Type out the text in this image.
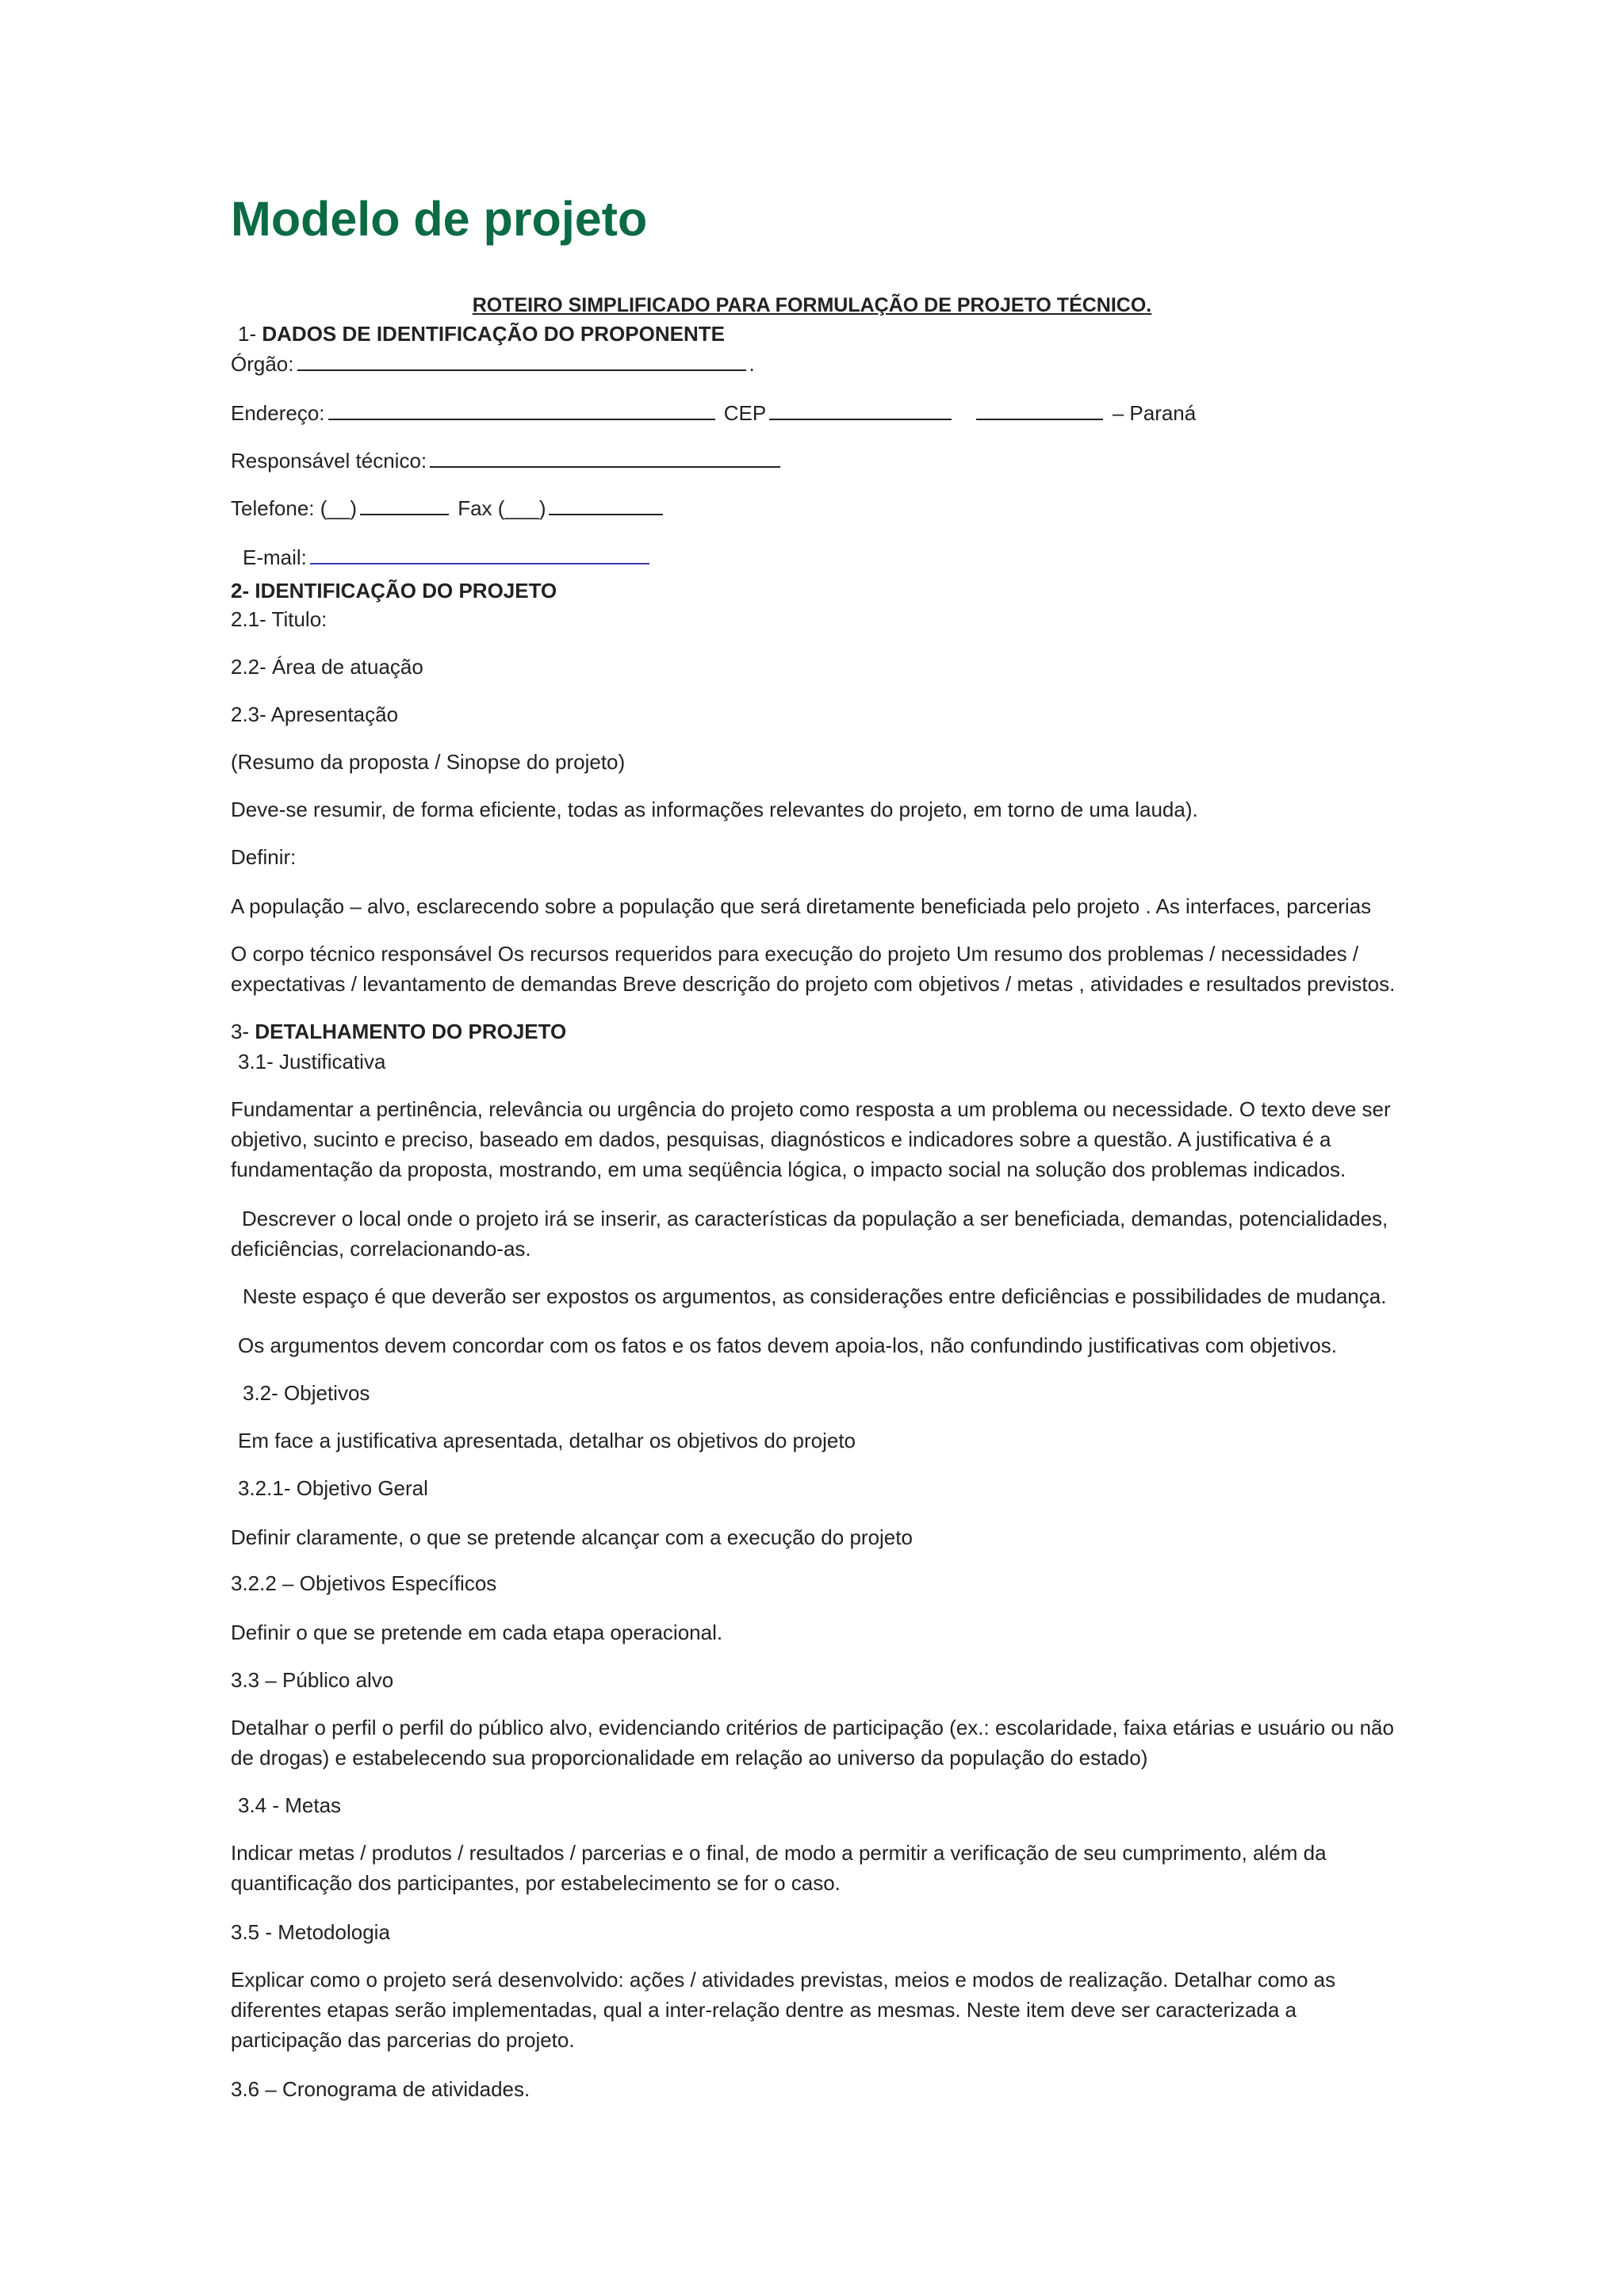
Modelo de projeto
ROTEIRO SIMPLIFICADO PARA FORMULAÇÃO DE PROJETO TÉCNICO.
1- DADOS DE IDENTIFICAÇÃO DO PROPONENTE
Órgão:	.
Endereço:	CEP	– Paraná
Responsável técnico:
Telefone: (__)	Fax (___)
E-mail:
2- IDENTIFICAÇÃO DO PROJETO
2.1- Titulo:
2.2- Área de atuação
2.3- Apresentação
(Resumo da proposta / Sinopse do projeto)
Deve-se resumir, de forma eficiente, todas as informações relevantes do projeto, em torno de uma lauda).
Definir:
A população – alvo, esclarecendo sobre a população que será diretamente beneficiada pelo projeto . As interfaces, parcerias
O corpo técnico responsável Os recursos requeridos para execução do projeto Um resumo dos problemas / necessidades / expectativas / levantamento de demandas Breve descrição do projeto com objetivos / metas , atividades e resultados previstos.
3- DETALHAMENTO DO PROJETO
3.1- Justificativa
Fundamentar a pertinência, relevância ou urgência do projeto como resposta a um problema ou necessidade. O texto deve ser objetivo, sucinto e preciso, baseado em dados, pesquisas, diagnósticos e indicadores sobre a questão. A justificativa é a fundamentação da proposta, mostrando, em uma seqüência lógica, o impacto social na solução dos problemas indicados.
Descrever o local onde o projeto irá se inserir, as características da população a ser beneficiada, demandas, potencialidades, deficiências, correlacionando-as.
Neste espaço é que deverão ser expostos os argumentos, as considerações entre deficiências e possibilidades de mudança.
Os argumentos devem concordar com os fatos e os fatos devem apoia-los, não confundindo justificativas com objetivos.
3.2- Objetivos
Em face a justificativa apresentada, detalhar os objetivos do projeto
3.2.1- Objetivo Geral
Definir claramente, o que se pretende alcançar com a execução do projeto
3.2.2 – Objetivos Específicos
Definir o que se pretende em cada etapa operacional.
3.3 – Público alvo
Detalhar o perfil o perfil do público alvo, evidenciando critérios de participação (ex.: escolaridade, faixa etárias e usuário ou não de drogas) e estabelecendo sua proporcionalidade em relação ao universo da população do estado)
3.4 - Metas
Indicar metas / produtos / resultados / parcerias e o final, de modo a permitir a verificação de seu cumprimento, além da quantificação dos participantes, por estabelecimento se for o caso.
3.5 - Metodologia
Explicar como o projeto será desenvolvido: ações / atividades previstas, meios e modos de realização. Detalhar como as diferentes etapas serão implementadas, qual a inter-relação dentre as mesmas. Neste item deve ser caracterizada a participação das parcerias do projeto.
3.6 – Cronograma de atividades.
